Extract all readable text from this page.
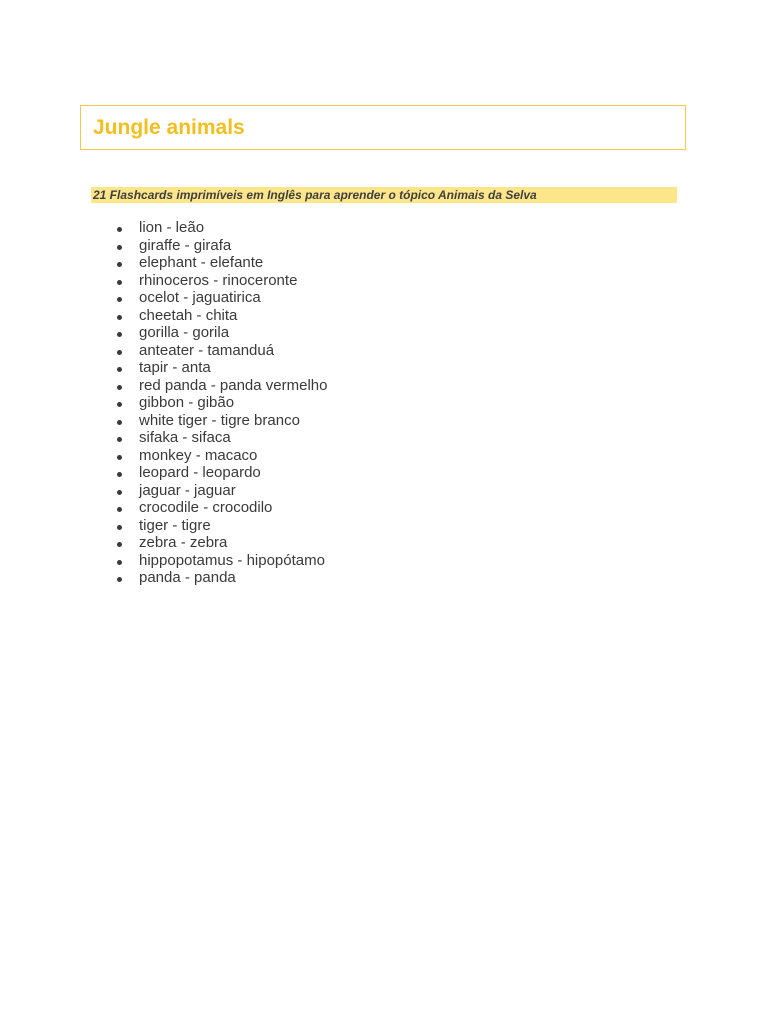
Jungle animals
21 Flashcards imprimíveis em Inglês para aprender o tópico Animais da Selva
lion - leão
giraffe - girafa
elephant - elefante
rhinoceros - rinoceronte
ocelot - jaguatirica
cheetah - chita
gorilla - gorila
anteater - tamanduá
tapir - anta
red panda - panda vermelho
gibbon - gibão
white tiger - tigre branco
sifaka - sifaca
monkey - macaco
leopard - leopardo
jaguar - jaguar
crocodile - crocodilo
tiger - tigre
zebra - zebra
hippopotamus - hipopótamo
panda - panda
